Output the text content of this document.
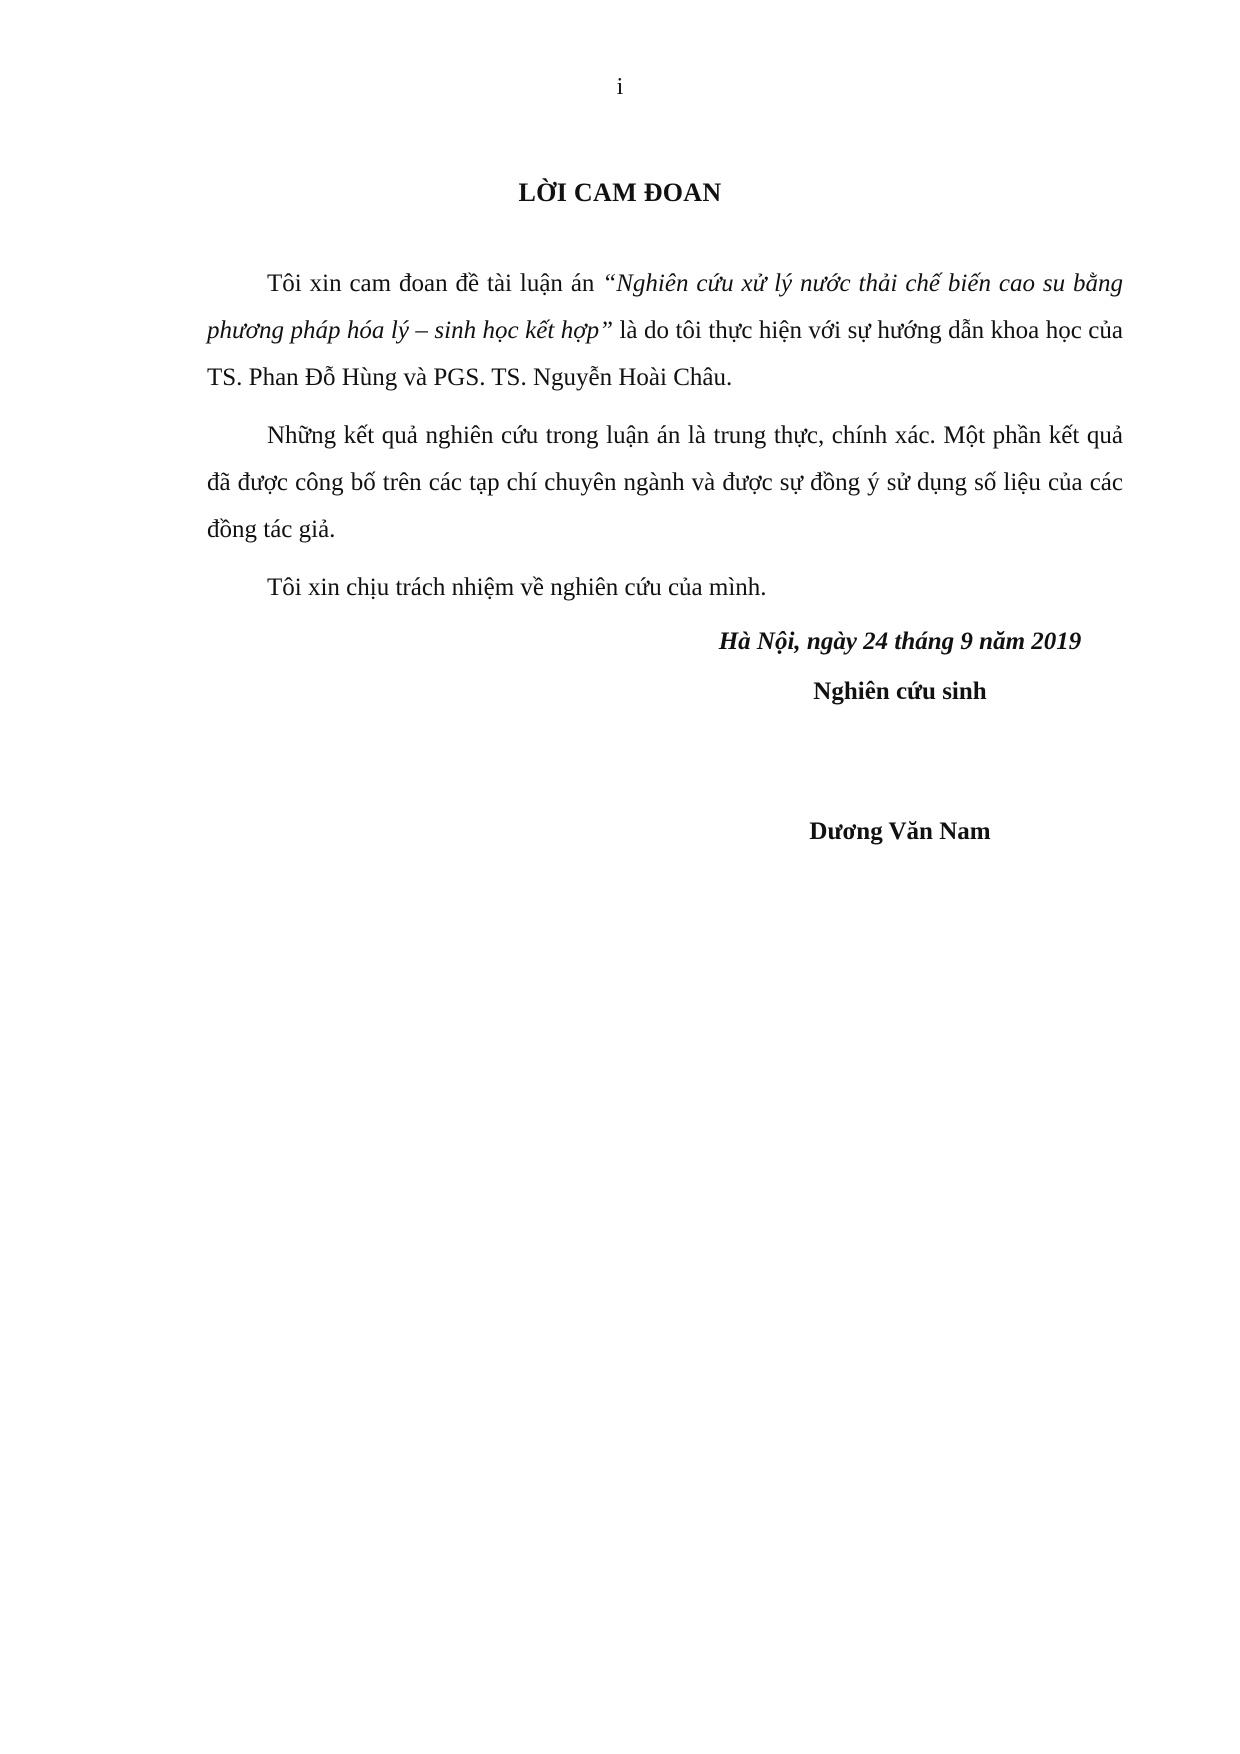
i
LỜI CAM ĐOAN

Tôi xin cam đoan đề tài luận án “Nghiên cứu xử lý nước thải chế biến cao su bằng phương pháp hóa lý – sinh học kết hợp” là do tôi thực hiện với sự hướng dẫn khoa học của TS. Phan Đỗ Hùng và PGS. TS. Nguyễn Hoài Châu.

Những kết quả nghiên cứu trong luận án là trung thực, chính xác. Một phần kết quả đã được công bố trên các tạp chí chuyên ngành và được sự đồng ý sử dụng số liệu của các đồng tác giả.

Tôi xin chịu trách nhiệm về nghiên cứu của mình.

Hà Nội, ngày 24 tháng 9 năm 2019
Nghiên cứu sinh
Dương Văn Nam
